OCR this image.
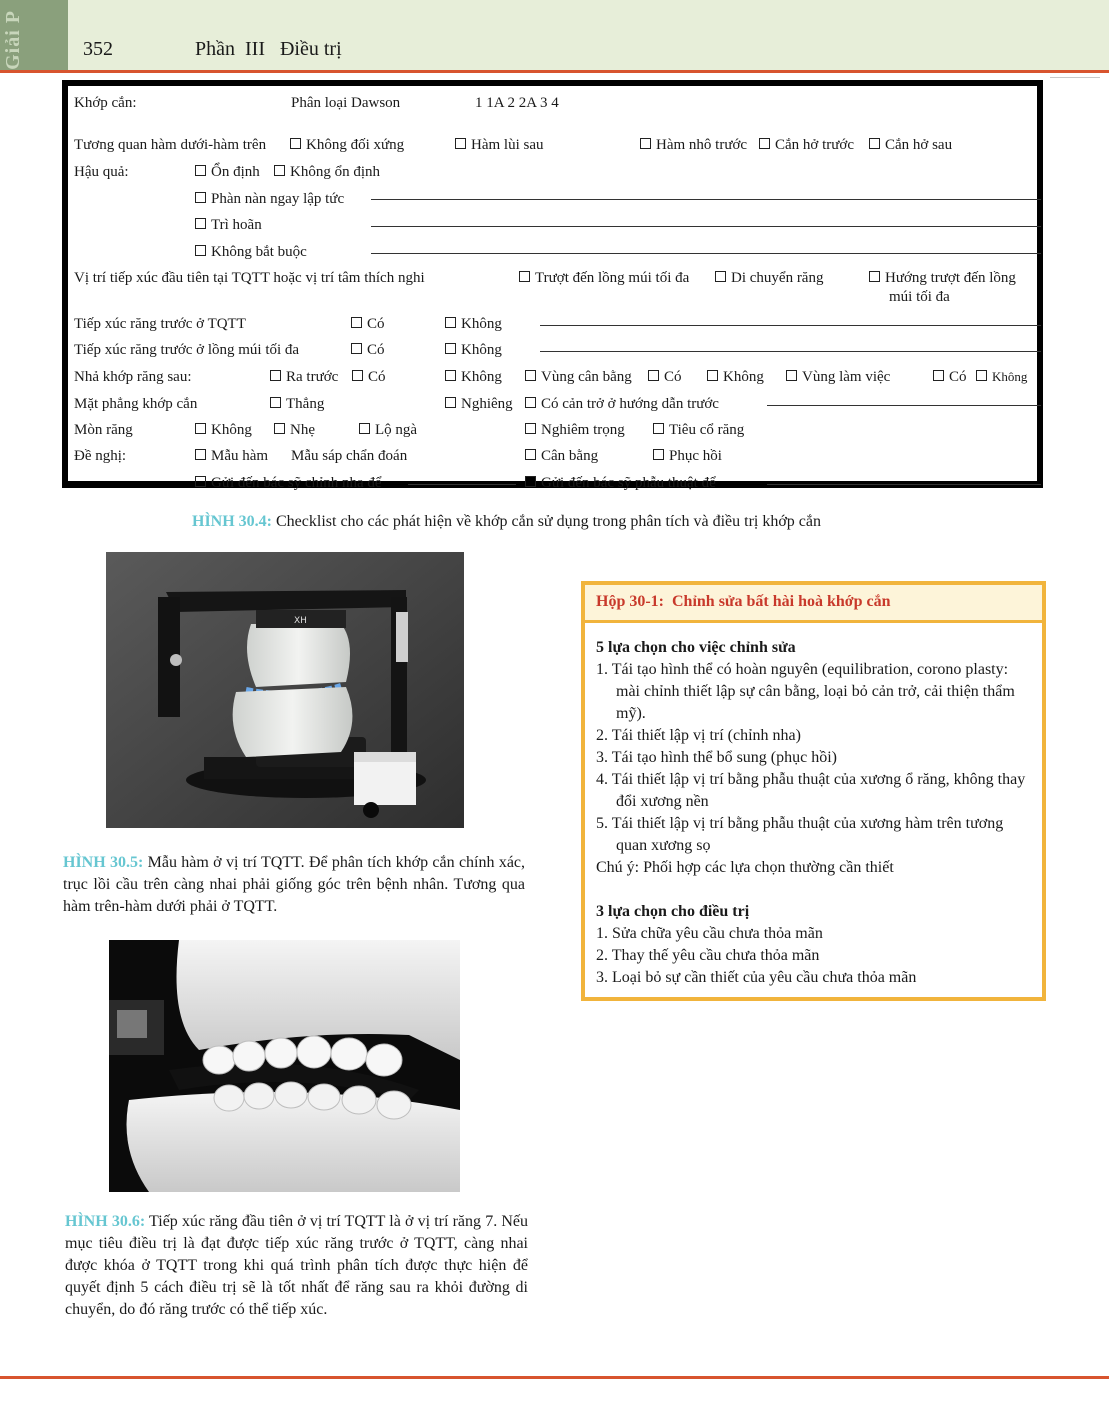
Giải P	352	Phần  III   Điều trị
Khớp cắn:	Phân loại Dawson	1 1A 2 2A 3 4
Tương quan hàm dưới-hàm trên	Không đối xứng	Hàm lùi sau	Hàm nhô trước	Cắn hở trước	Cắn hở sau
Hậu quả:	Ổn định	Không ổn định
Phàn nàn ngay lập tức
Trì hoãn
Không bắt buộc
Vị trí tiếp xúc đầu tiên tại TQTT hoặc vị trí tâm thích nghi	Trượt đến lồng múi tối đa	Di chuyển răng	Hướng trượt đến lồng
múi tối đa
Tiếp xúc răng trước ở TQTT	Có	Không
Tiếp xúc răng trước ở lồng múi tối đa	Có	Không
Nhả khớp răng sau:	Ra trước	Có	Không	Vùng cân bằng	Có	Không	Vùng làm việc	Có	Không
Mặt phẳng khớp cắn	Thẳng	Nghiêng	Có cản trở ở hướng dẫn trước
Mòn răng	Không	Nhẹ	Lộ ngà	Nghiêm trọng	Tiêu cổ răng
Đề nghị:	Mẫu hàm Mẫu sáp chẩn đoán	Cân bằng	Phục hồi
Gửi đến bác sỹ chỉnh nha để	Gửi đến bác sỹ phẫu thuật để
HÌNH 30.4: Checklist cho các phát hiện về khớp cắn sử dụng trong phân tích và điều trị khớp cắn
XH
HÌNH 30.5: Mẫu hàm ở vị trí TQTT. Để phân tích khớp cắn chính xác, trục lồi cầu trên càng nhai phải giống góc trên bệnh nhân. Tương qua hàm trên-hàm dưới phải ở TQTT.
HÌNH 30.6: Tiếp xúc răng đầu tiên ở vị trí TQTT là ở vị trí răng 7. Nếu mục tiêu điều trị là đạt được tiếp xúc răng trước ở TQTT, càng nhai được khóa ở TQTT trong khi quá trình phân tích được thực hiện để quyết định 5 cách điều trị sẽ là tốt nhất để răng sau ra khỏi đường di chuyển, do đó răng trước có thể tiếp xúc.
Hộp 30-1:  Chỉnh sửa bất hài hoà khớp cắn
5 lựa chọn cho việc chỉnh sửa
1. Tái tạo hình thể có hoàn nguyên (equilibration, corono plasty: mài chỉnh thiết lập sự cân bằng, loại bỏ cản trở, cải thiện thẩm mỹ).
2. Tái thiết lập vị trí (chỉnh nha)
3. Tái tạo hình thể bổ sung (phục hồi)
4. Tái thiết lập vị trí bằng phẫu thuật của xương ổ răng, không thay đổi xương nền
5. Tái thiết lập vị trí bằng phẫu thuật của xương hàm trên tương quan xương sọ
Chú ý: Phối hợp các lựa chọn thường cần thiết
3 lựa chọn cho điều trị
1. Sửa chữa yêu cầu chưa thỏa mãn
2. Thay thế yêu cầu chưa thỏa mãn
3. Loại bỏ sự cần thiết của yêu cầu chưa thỏa mãn
